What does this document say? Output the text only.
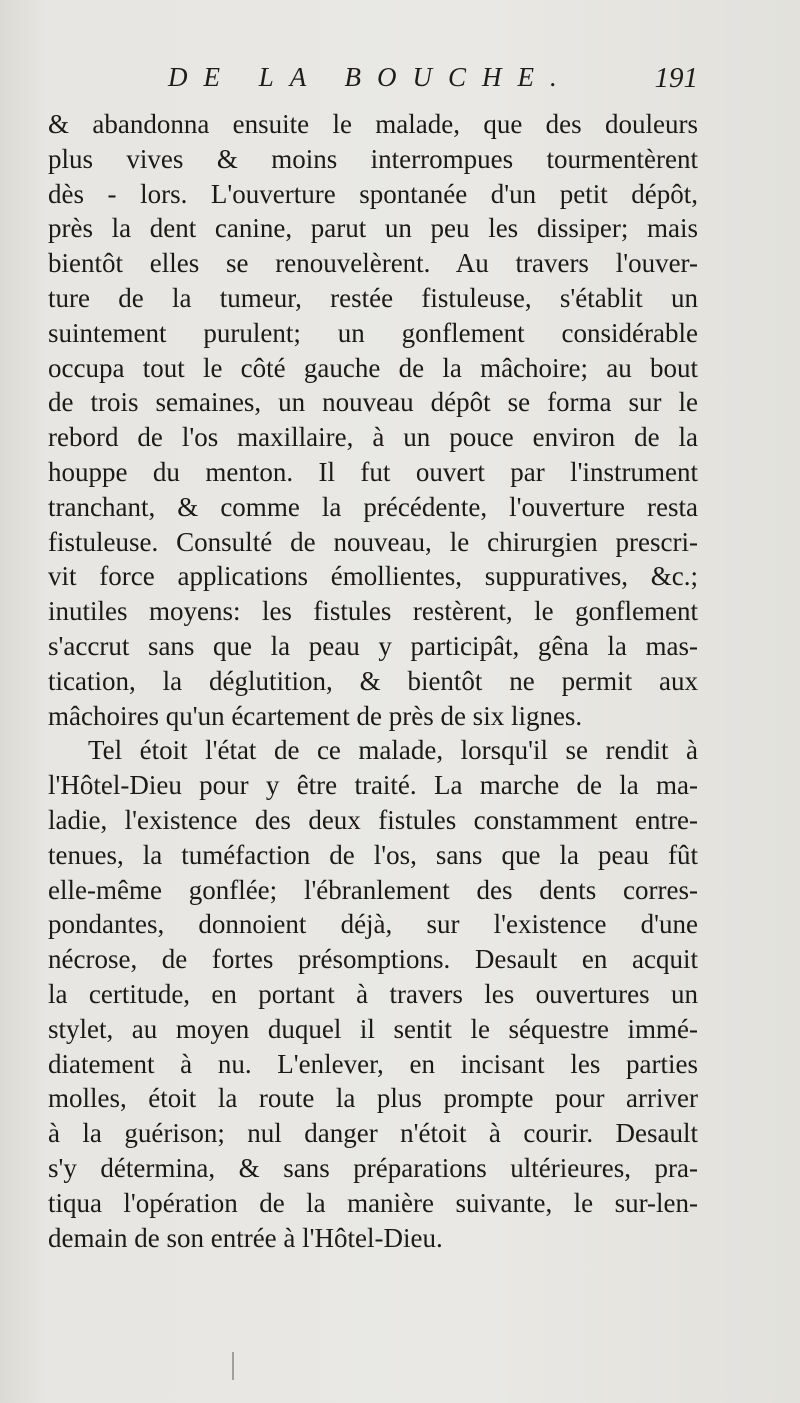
DE LA BOUCHE.	191
& abandonna ensuite le malade, que des douleurs
plus vives & moins interrompues tourmentèrent
dès - lors. L'ouverture spontanée d'un petit dépôt,
près la dent canine, parut un peu les dissiper; mais
bientôt elles se renouvelèrent. Au travers l'ouver-
ture de la tumeur, restée fistuleuse, s'établit un
suintement purulent; un gonflement considérable
occupa tout le côté gauche de la mâchoire; au bout
de trois semaines, un nouveau dépôt se forma sur le
rebord de l'os maxillaire, à un pouce environ de la
houppe du menton. Il fut ouvert par l'instrument
tranchant, & comme la précédente, l'ouverture resta
fistuleuse. Consulté de nouveau, le chirurgien prescri-
vit force applications émollientes, suppuratives, &c.;
inutiles moyens: les fistules restèrent, le gonflement
s'accrut sans que la peau y participât, gêna la mas-
tication, la déglutition, & bientôt ne permit aux
mâchoires qu'un écartement de près de six lignes.
Tel étoit l'état de ce malade, lorsqu'il se rendit à
l'Hôtel-Dieu pour y être traité. La marche de la ma-
ladie, l'existence des deux fistules constamment entre-
tenues, la tuméfaction de l'os, sans que la peau fût
elle-même gonflée; l'ébranlement des dents corres-
pondantes, donnoient déjà, sur l'existence d'une
nécrose, de fortes présomptions. Desault en acquit
la certitude, en portant à travers les ouvertures un
stylet, au moyen duquel il sentit le séquestre immé-
diatement à nu. L'enlever, en incisant les parties
molles, étoit la route la plus prompte pour arriver
à la guérison; nul danger n'étoit à courir. Desault
s'y détermina, & sans préparations ultérieures, pra-
tiqua l'opération de la manière suivante, le sur-len-
demain de son entrée à l'Hôtel-Dieu.
